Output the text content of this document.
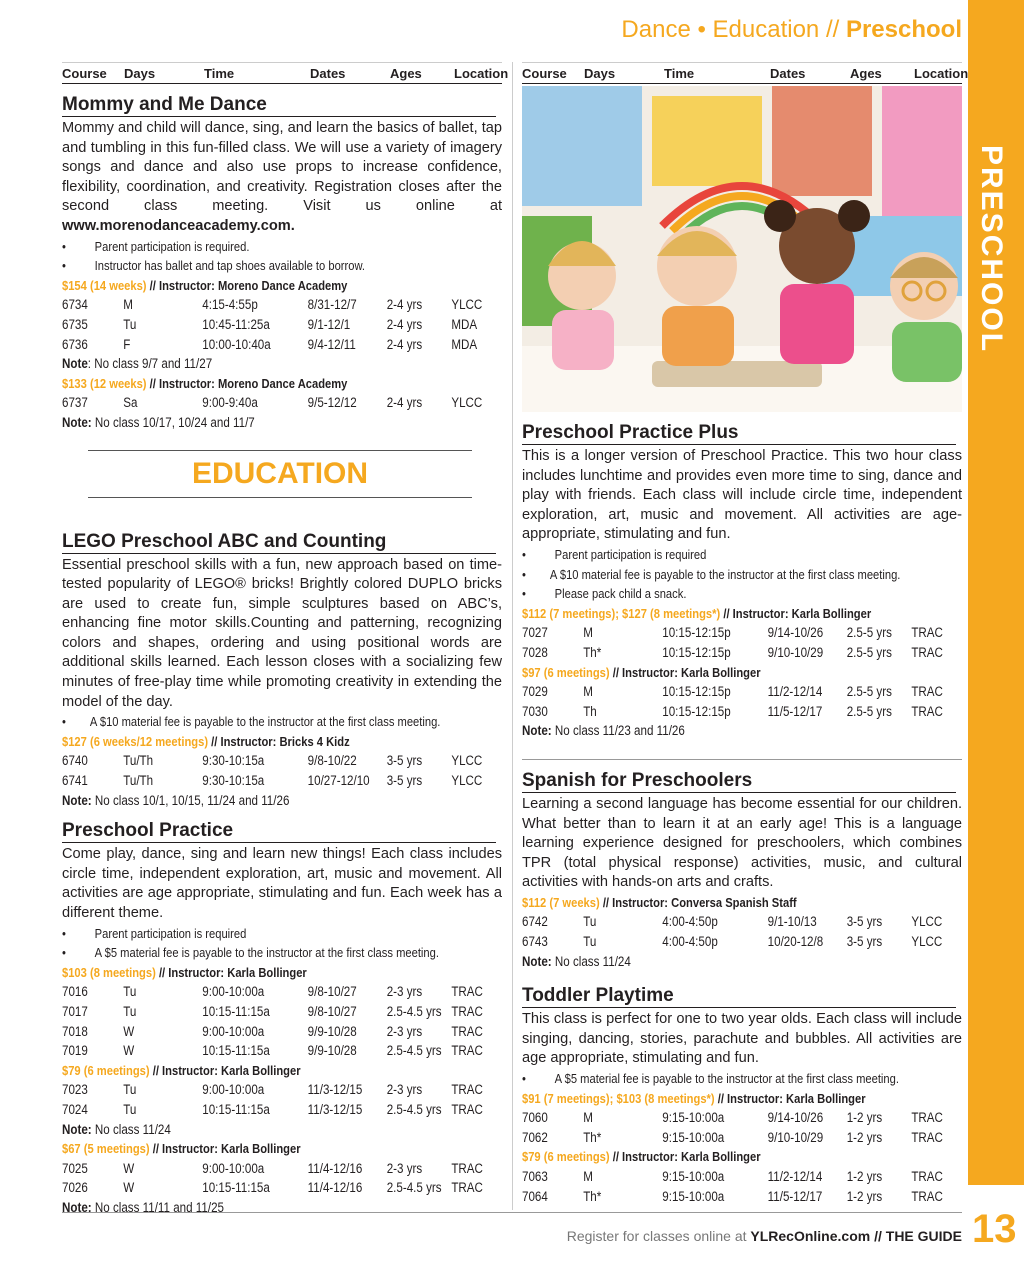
PRESCHOOL
13
Dance • Education // Preschool
Course	Days	Time	Dates	Ages	Location
Mommy and Me Dance
Mommy and child will dance, sing, and learn the basics of ballet, tap and tumbling in this fun-filled class. We will use a variety of imagery songs and dance and also use props to increase confidence, flexibility, coordination, and creativity. Registration closes after the second class meeting. Visit us online at www.morenodanceacademy.com.
•	Parent participation is required.
•	Instructor has ballet and tap shoes available to borrow.
$154 (14 weeks) // Instructor: Moreno Dance Academy
6734	M	4:15-4:55p	8/31-12/7	2-4 yrs	YLCC
6735	Tu	10:45-11:25a	9/1-12/1	2-4 yrs	MDA
6736	F	10:00-10:40a	9/4-12/11	2-4 yrs	MDA
Note: No class 9/7 and 11/27
$133 (12 weeks) // Instructor: Moreno Dance Academy
6737	Sa	9:00-9:40a	9/5-12/12	2-4 yrs	YLCC
Note: No class 10/17, 10/24 and 11/7
LEGO Preschool ABC and Counting
Essential preschool skills with a fun, new approach based on time-tested popularity of LEGO® bricks! Brightly colored DUPLO bricks are used to create fun, simple sculptures based on ABC’s, enhancing fine motor skills.Counting and patterning, recognizing colors and shapes, ordering and using positional words are additional skills learned. Each lesson closes with a socializing few minutes of free-play time while promoting creativity in extending the model of the day.
•	A $10 material fee is payable to the instructor at the first class meeting.
$127 (6 weeks/12 meetings) // Instructor: Bricks 4 Kidz
6740	Tu/Th	9:30-10:15a	9/8-10/22	3-5 yrs	YLCC
6741	Tu/Th	9:30-10:15a	10/27-12/10	3-5 yrs	YLCC
Note: No class 10/1, 10/15, 11/24 and 11/26
Preschool Practice
Come play, dance, sing and learn new things! Each class includes circle time, independent exploration, art, music and movement. All activities are age appropriate, stimulating and fun. Each week has a different theme.
•	Parent participation is required
•	A $5 material fee is payable to the instructor at the first class meeting.
$103 (8 meetings) // Instructor: Karla Bollinger
7016	Tu	9:00-10:00a	9/8-10/27	2-3 yrs	TRAC
7017	Tu	10:15-11:15a	9/8-10/27	2.5-4.5 yrs TRAC
7018	W	9:00-10:00a	9/9-10/28	2-3 yrs	TRAC
7019	W	10:15-11:15a	9/9-10/28	2.5-4.5 yrs TRAC
$79 (6 meetings) // Instructor: Karla Bollinger
7023	Tu	9:00-10:00a	11/3-12/15	2-3 yrs	TRAC
7024	Tu	10:15-11:15a	11/3-12/15	2.5-4.5 yrs TRAC
Note: No class 11/24
$67 (5 meetings) // Instructor: Karla Bollinger
7025	W	9:00-10:00a	11/4-12/16	2-3 yrs	TRAC
7026	W	10:15-11:15a	11/4-12/16	2.5-4.5 yrs TRAC
Note: No class 11/11 and 11/25
EDUCATION
Course	Days	Time	Dates	Ages	Location
Preschool Practice Plus
This is a longer version of Preschool Practice. This two hour class includes lunchtime and provides even more time to sing, dance and play with friends. Each class will include circle time, independent exploration, art, music and movement. All activities are age-appropriate, stimulating and fun.
•	Parent participation is required
•	A $10 material fee is payable to the instructor at the first class meeting.
•	Please pack child a snack.
$112 (7 meetings); $127 (8 meetings*) // Instructor: Karla Bollinger
7027	M	10:15-12:15p	9/14-10/26	2.5-5 yrs	TRAC
7028	Th*	10:15-12:15p	9/10-10/29	2.5-5 yrs	TRAC
$97 (6 meetings) // Instructor: Karla Bollinger
7029	M	10:15-12:15p	11/2-12/14	2.5-5 yrs	TRAC
7030	Th	10:15-12:15p	11/5-12/17	2.5-5 yrs	TRAC
Note: No class 11/23 and 11/26
Spanish for Preschoolers
Learning a second language has become essential for our children. What better than to learn it at an early age! This is a language learning experience designed for preschoolers, which combines TPR (total physical response) activities, music, and cultural activities with hands-on arts and crafts.
$112 (7 weeks) // Instructor: Conversa Spanish Staff
6742	Tu	4:00-4:50p	9/1-10/13	3-5 yrs	YLCC
6743	Tu	4:00-4:50p	10/20-12/8	3-5 yrs	YLCC
Note: No class 11/24
Toddler Playtime
This class is perfect for one to two year olds. Each class will include singing, dancing, stories, parachute and bubbles. All activities are age appropriate, stimulating and fun.
•	A $5 material fee is payable to the instructor at the first class meeting.
$91 (7 meetings); $103 (8 meetings*) // Instructor: Karla Bollinger
7060	M	9:15-10:00a	9/14-10/26	1-2 yrs	TRAC
7062	Th*	9:15-10:00a	9/10-10/29	1-2 yrs	TRAC
$79 (6 meetings) // Instructor: Karla Bollinger
7063	M	9:15-10:00a	11/2-12/14	1-2 yrs	TRAC
7064	Th*	9:15-10:00a	11/5-12/17	1-2 yrs	TRAC
Register for classes online at YLRecOnline.com // THE GUIDE
